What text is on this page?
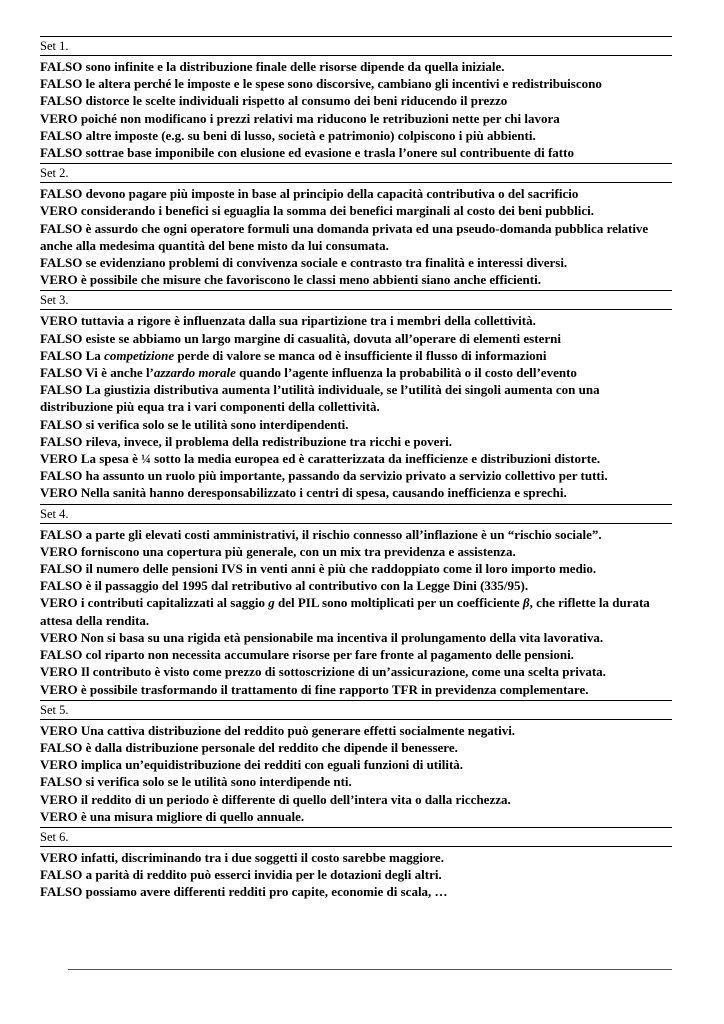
Set 1.

FALSO sono infinite e la distribuzione finale delle risorse dipende da quella iniziale.

FALSO le altera perché le imposte e le spese sono discorsive, cambiano gli incentivi e redistribuiscono

FALSO distorce le scelte individuali rispetto al consumo dei beni riducendo il prezzo

VERO poiché non modificano i prezzi relativi ma riducono le retribuzioni nette per chi lavora

FALSO altre imposte (e.g. su beni di lusso, società e patrimonio) colpiscono i più abbienti.

FALSO sottrae base imponibile con elusione ed evasione e trasla l’onere sul contribuente di fatto

Set 2.

FALSO devono pagare più imposte in base al principio della capacità contributiva o del sacrificio

VERO considerando i benefici si eguaglia la somma dei benefici marginali al costo dei beni pubblici.

FALSO è assurdo che ogni operatore formuli una domanda privata ed una pseudo-domanda pubblica relative anche alla medesima quantità del bene misto da lui consumata.

FALSO se evidenziano problemi di convivenza sociale e contrasto tra finalità e interessi diversi.

VERO è possibile che misure che favoriscono le classi meno abbienti siano anche efficienti.

Set 3.

VERO tuttavia a rigore è influenzata dalla sua ripartizione tra i membri della collettività.

FALSO esiste se abbiamo un largo margine di casualità, dovuta all’operare di elementi esterni

FALSO La competizione perde di valore se manca od è insufficiente il flusso di informazioni

FALSO Vi è anche l’azzardo morale quando l’agente influenza la probabilità o il costo dell’evento

FALSO La giustizia distributiva aumenta l’utilità individuale, se l’utilità dei singoli aumenta con una distribuzione più equa tra i vari componenti della collettività.

FALSO si verifica solo se le utilità sono interdipendenti.

FALSO rileva, invece, il problema della redistribuzione tra ricchi e poveri.

VERO La spesa è ¼ sotto la media europea ed è caratterizzata da inefficienze e distribuzioni distorte.

FALSO ha assunto un ruolo più importante, passando da servizio privato a servizio collettivo per tutti.

VERO Nella sanità hanno deresponsabilizzato i centri di spesa, causando inefficienza e sprechi.

Set 4.

FALSO a parte gli elevati costi amministrativi, il rischio connesso all’inflazione è un “rischio sociale”.

VERO forniscono una copertura più generale, con un mix tra previdenza e assistenza.

FALSO il numero delle pensioni IVS in venti anni è più che raddoppiato come il loro importo medio.

FALSO è il passaggio del 1995 dal retributivo al contributivo con la Legge Dini (335/95).

VERO i contributi capitalizzati al saggio g del PIL sono moltiplicati per un coefficiente β, che riflette la durata attesa della rendita.

VERO Non si basa su una rigida età pensionabile ma incentiva il prolungamento della vita lavorativa.

FALSO col riparto non necessita accumulare risorse per fare fronte al pagamento delle pensioni.

VERO Il contributo è visto come prezzo di sottoscrizione di un’assicurazione, come una scelta privata.

VERO è possibile trasformando il trattamento di fine rapporto TFR in previdenza complementare.

Set 5.

VERO Una cattiva distribuzione del reddito può generare effetti socialmente negativi.

FALSO è dalla distribuzione personale del reddito che dipende il benessere.

VERO implica un’equidistribuzione dei redditi con eguali funzioni di utilità.

FALSO si verifica solo se le utilità sono interdipende nti.

VERO il reddito di un periodo è differente di quello dell’intera vita o dalla ricchezza.

VERO è una misura migliore di quello annuale.

Set 6.

VERO infatti, discriminando tra i due soggetti il costo sarebbe maggiore.

FALSO a parità di reddito può esserci invidia per le dotazioni degli altri.

FALSO possiamo avere differenti redditi pro capite, economie di scala, …
